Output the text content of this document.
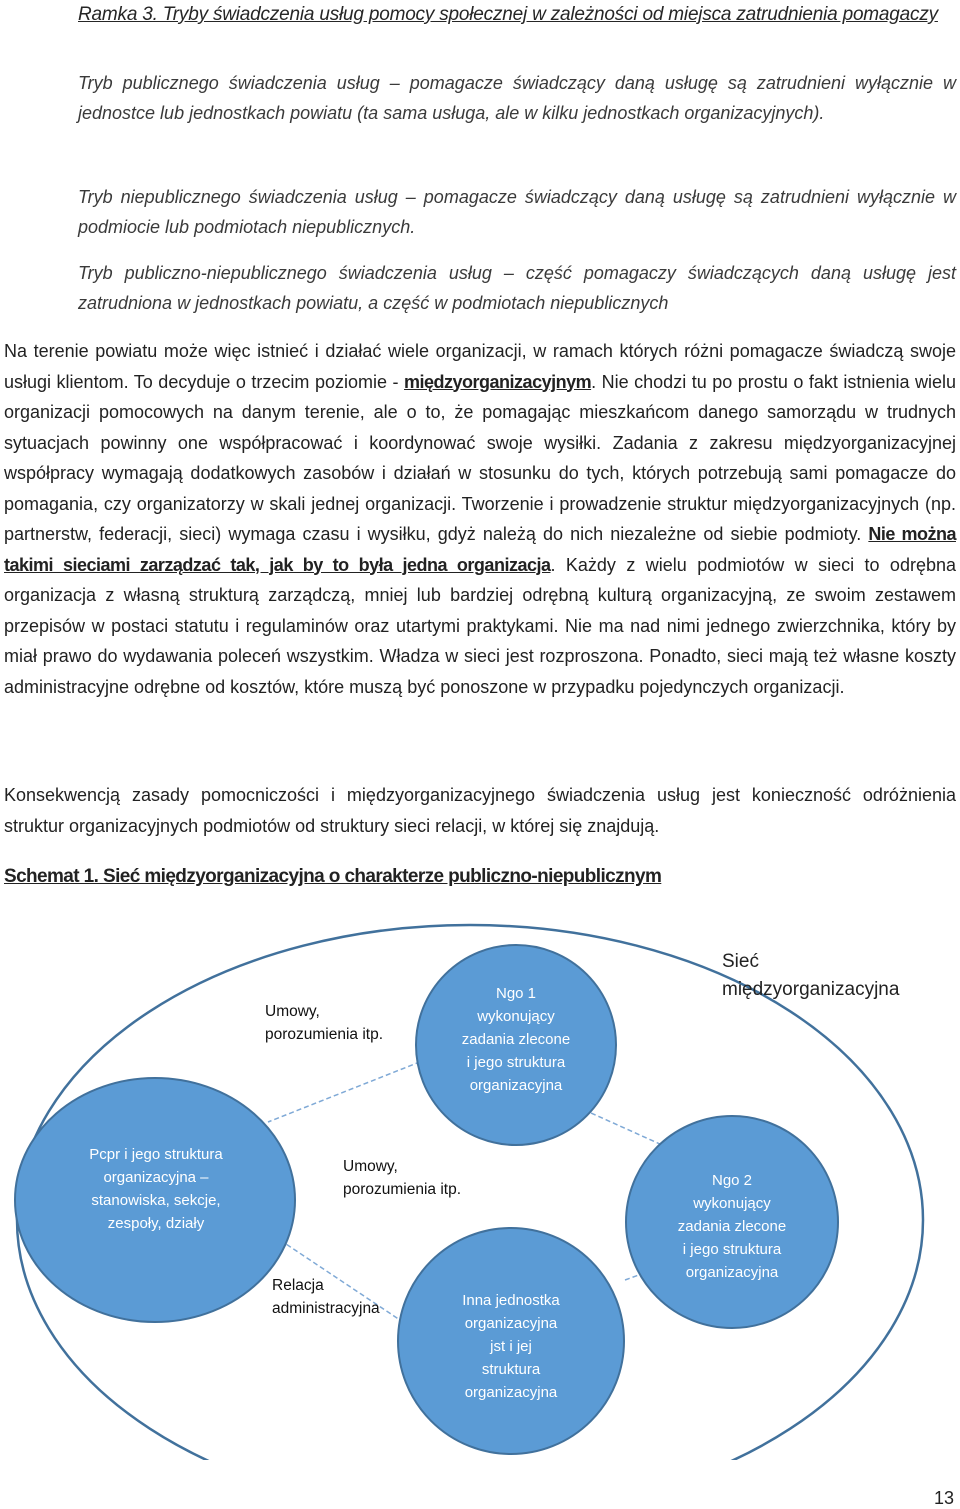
Ramka 3. Tryby świadczenia usług pomocy społecznej w zależności od miejsca zatrudnienia pomagaczy

Tryb publicznego świadczenia usług – pomagacze świadczący daną usługę są zatrudnieni wyłącznie w jednostce lub jednostkach powiatu (ta sama usługa, ale w kilku jednostkach organizacyjnych).

Tryb niepublicznego świadczenia usług – pomagacze świadczący daną usługę są zatrudnieni wyłącznie w podmiocie lub podmiotach niepublicznych.

Tryb publiczno-niepublicznego świadczenia usług – część pomagaczy świadczących daną usługę jest zatrudniona w jednostkach powiatu, a część w podmiotach niepublicznych

Na terenie powiatu może więc istnieć i działać wiele organizacji, w ramach których różni pomagacze świadczą swoje usługi klientom. To decyduje o trzecim poziomie - międzyorganizacyjnym. Nie chodzi tu po prostu o fakt istnienia wielu organizacji pomocowych na danym terenie, ale o to, że pomagając mieszkańcom danego samorządu w trudnych sytuacjach powinny one współpracować i koordynować swoje wysiłki. Zadania z zakresu międzyorganizacyjnej współpracy wymagają dodatkowych zasobów i działań w stosunku do tych, których potrzebują sami pomagacze do pomagania, czy organizatorzy w skali jednej organizacji. Tworzenie i prowadzenie struktur międzyorganizacyjnych (np. partnerstw, federacji, sieci) wymaga czasu i wysiłku, gdyż należą do nich niezależne od siebie podmioty. Nie można takimi sieciami zarządzać tak, jak by to była jedna organizacja. Każdy z wielu podmiotów w sieci to odrębna organizacja z własną strukturą zarządczą, mniej lub bardziej odrębną kulturą organizacyjną, ze swoim zestawem przepisów w postaci statutu i regulaminów oraz utartymi praktykami. Nie ma nad nimi jednego zwierzchnika, który by miał prawo do wydawania poleceń wszystkim. Władza w sieci jest rozproszona. Ponadto, sieci mają też własne koszty administracyjne odrębne od kosztów, które muszą być ponoszone w przypadku pojedynczych organizacji.

Konsekwencją zasady pomocniczości i międzyorganizacyjnego świadczenia usług jest konieczność odróżnienia struktur organizacyjnych podmiotów od struktury sieci relacji, w której się znajdują.

Schemat 1. Sieć międzyorganizacyjna o charakterze publiczno-niepublicznym
Sieć
międzyorganizacyjna
Ngo 1
wykonujący
zadania zlecone
i jego struktura
organizacyjna
Pcpr i jego struktura
organizacyjna –
stanowiska, sekcje,
zespoły, działy
Ngo 2
wykonujący
zadania zlecone
i jego struktura
organizacyjna
Inna jednostka
organizacyjna
jst i jej
struktura
organizacyjna
Umowy,
porozumienia itp.
Umowy,
porozumienia itp.
Relacja
administracyjna
13
